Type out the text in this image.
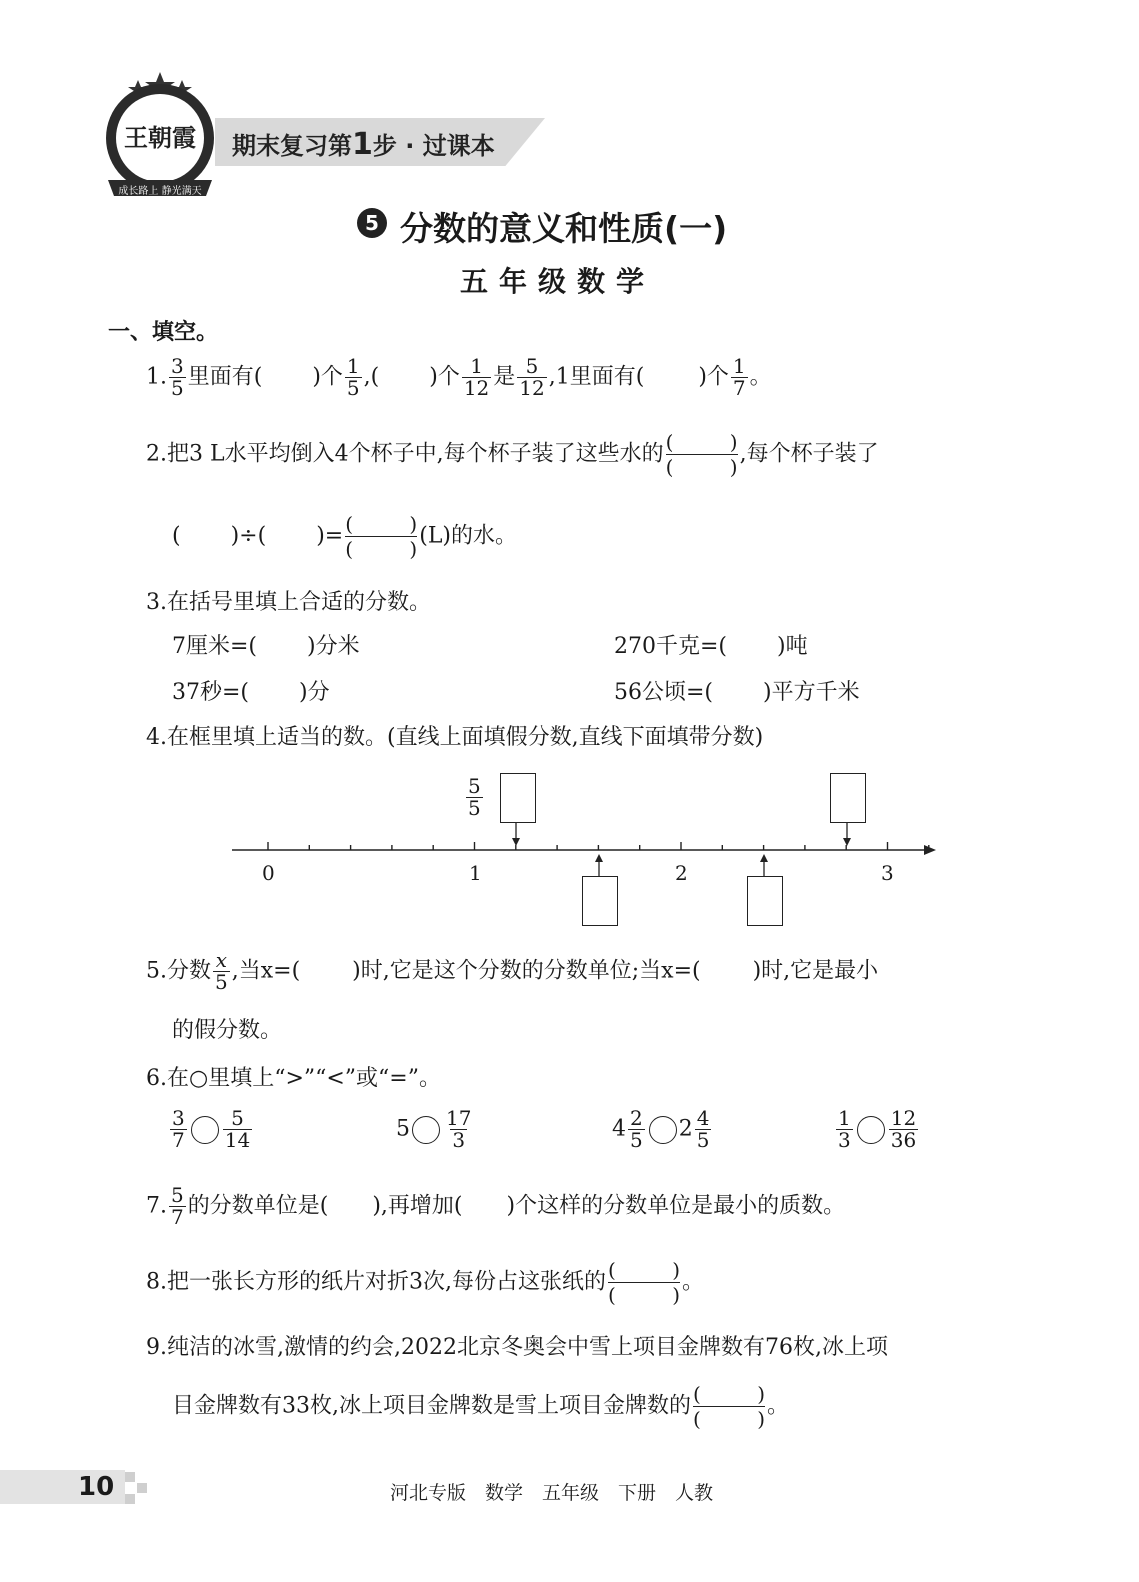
王朝霞
成长路上 静光满天
期末复习第1步 · 过课本
5 分数的意义和性质(一)
五年级数学
一、填空。
1. $\frac{3}{5}$ 里面有( )个 $\frac{1}{5}$ ,( )个 $\frac{1}{12}$ 是 $\frac{5}{12} ,1$里面有( )个 $\frac{1}{7}$ 。
2.把3 L水平均倒入4个杯子中,每个杯子装了这些水的 (	)
(	)
,每个杯子装了
( )÷( )= (	)
(	)
(L)的水。
3.在括号里填上合适的分数。
7厘米=( )分米	270千克=( )吨
37秒=( )分	56公顷=( )平方千米
4.在框里填上适当的数。(直线上面填假分数,直线下面填带分数)
$\frac{5}{5}$
0	1	2	3
5.分数 $\frac{x}{5}$ ,当x=( )时,它是这个分数的分数单位;当x=( )时,它是最小
的假分数。
6.在○里填上“>”“<”或“=”。
$\frac{3}{7} \frac{5}{14}$	$5 \frac{17}{3}$	$4 \frac{2}{5} 2 \frac{4}{5}$	$\frac{1}{3} \frac{12}{36}$
7. $\frac{5}{7}$ 的分数单位是( ),再增加( )个这样的分数单位是最小的质数。
8.把一张长方形的纸片对折3次,每份占这张纸的 (	)
(	)
。
9.纯洁的冰雪,激情的约会,2022北京冬奥会中雪上项目金牌数有76枚,冰上项
目金牌数有33枚,冰上项目金牌数是雪上项目金牌数的 (	)
(	)
。
10	河北专版　数学　五年级　下册　人教
